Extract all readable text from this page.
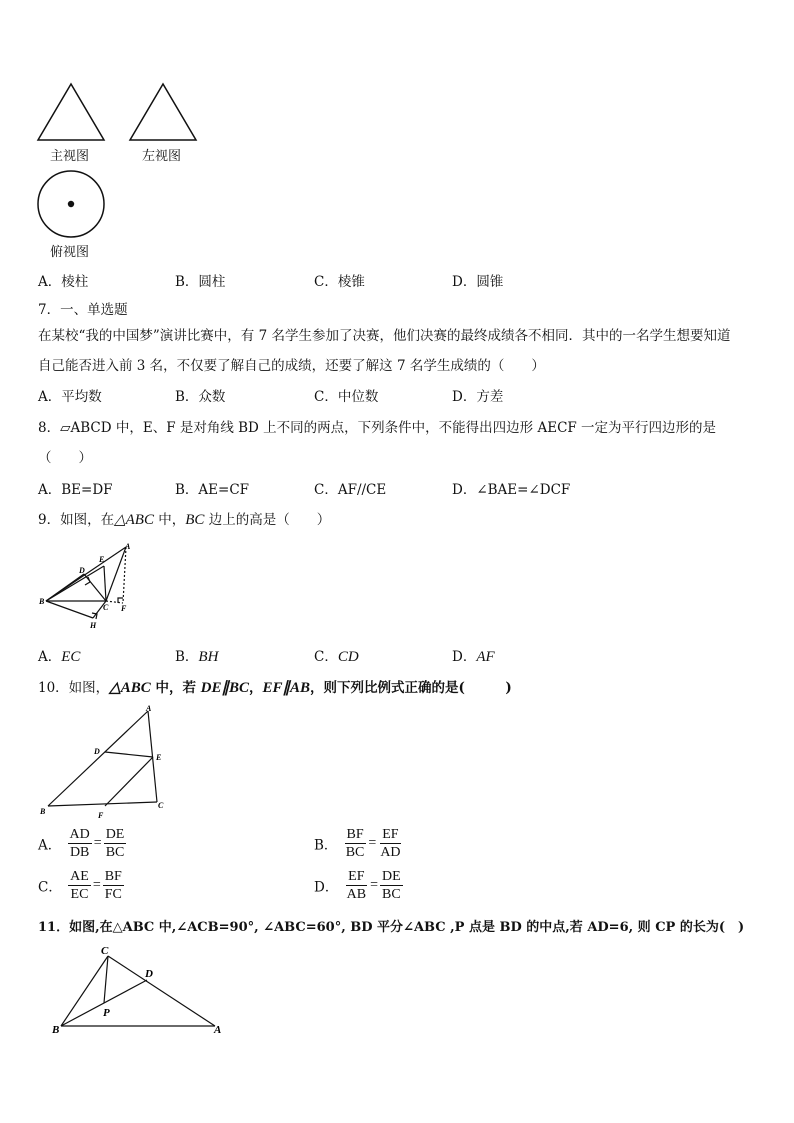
主视图	左视图
俯视图
A．棱柱	B．圆柱	C．棱锥	D．圆锥
7．一、单选题
在某校“我的中国梦”演讲比赛中，有 7 名学生参加了决赛，他们决赛的最终成绩各不相同．其中的一名学生想要知道
自己能否进入前 3 名，不仅要了解自己的成绩，还要了解这 7 名学生成绩的（　　）
A．平均数	B．众数	C．中位数	D．方差
8．▱ABCD 中，E、F 是对角线 BD 上不同的两点，下列条件中，不能得出四边形 AECF 一定为平行四边形的是
（　　）
A．BE=DF	B．AE=CF	C．AF//CE	D．∠BAE=∠DCF
9．如图，在△ABC 中，BC 边上的高是（　　）
A
B
C
D
E
F
H
A．EC	B．BH	C．CD	D．AF
10．如图，△ABC 中，若 DE∥BC，EF∥AB，则下列比例式正确的是(　　　)
A
B
C
D
E
F
A． $\frac{AD}{DB} = \frac{DE}{BC}$	B． $\frac{BF}{BC} = \frac{EF}{AD}$
C． $\frac{AE}{EC} = \frac{BF}{FC}$	D． $\frac{EF}{AB} = \frac{DE}{BC}$
11．如图,在△ABC 中,∠ACB=90°, ∠ABC=60°, BD 平分∠ABC ,P 点是 BD 的中点,若 AD=6, 则 CP 的长为(　)
C
B	A
D
P
